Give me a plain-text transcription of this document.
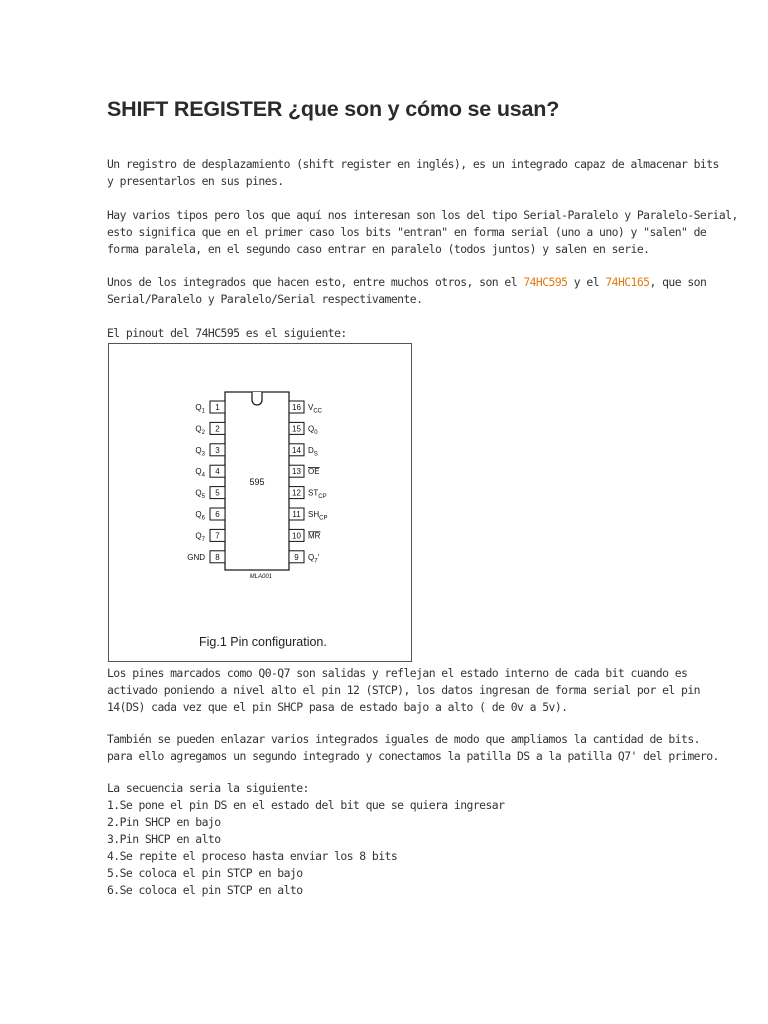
SHIFT REGISTER ¿que son y cómo se usan?

Un registro de desplazamiento (shift register en inglés), es un integrado capaz de almacenar bits
y presentarlos en sus pines.

Hay varios tipos pero los que aquí nos interesan son los del tipo Serial-Paralelo y Paralelo-Serial,
esto significa que en el primer caso los bits "entran" en forma serial (uno a uno) y "salen" de
forma paralela, en el segundo caso entrar en paralelo (todos juntos) y salen en serie.

Unos de los integrados que hacen esto, entre muchos otros, son el 74HC595 y el 74HC165, que son
Serial/Paralelo y Paralelo/Serial respectivamente.

El pinout del 74HC595 es el siguiente:

595
MLA001
1
$Q_1$
2
$Q_2$
3
$Q_3$
4
$Q_4$
5
$Q_5$
6
$Q_6$
7
$Q_7$
8
GND
16 $V_{CC}$
15 $Q_0$
14 $D_S$
13 OE
12 $ST_{CP}$
11 $SH_{CP}$
10 MR
9 $Q_7'$
Fig.1 Pin configuration.

Los pines marcados como Q0-Q7 son salidas y reflejan el estado interno de cada bit cuando es
activado poniendo a nivel alto el pin 12 (STCP), los datos ingresan de forma serial por el pin
14(DS) cada vez que el pin SHCP pasa de estado bajo a alto ( de 0v a 5v).

También se pueden enlazar varios integrados iguales de modo que ampliamos la cantidad de bits.
para ello agregamos un segundo integrado y conectamos la patilla DS a la patilla Q7' del primero.

La secuencia seria la siguiente:
1.Se pone el pin DS en el estado del bit que se quiera ingresar
2.Pin SHCP en bajo
3.Pin SHCP en alto
4.Se repite el proceso hasta enviar los 8 bits
5.Se coloca el pin STCP en bajo
6.Se coloca el pin STCP en alto
